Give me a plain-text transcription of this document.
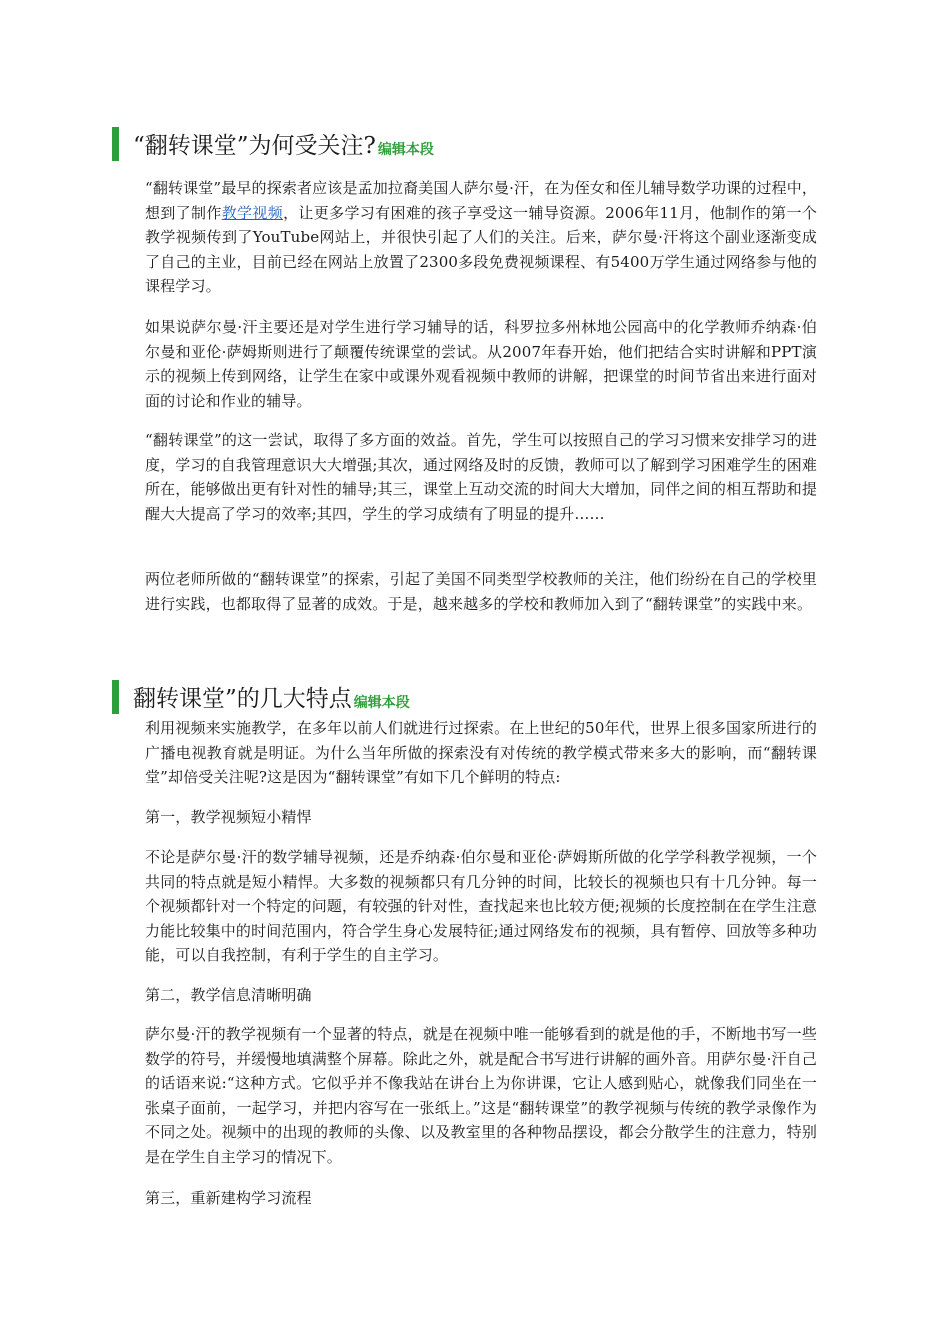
“翻转课堂”为何受关注? 编辑本段

“翻转课堂”最早的探索者应该是孟加拉裔美国人萨尔曼·汗，在为侄女和侄儿辅导数学功课的过程中，想到了制作教学视频，让更多学习有困难的孩子享受这一辅导资源。2006年11月，他制作的第一个教学视频传到了YouTube网站上，并很快引起了人们的关注。后来，萨尔曼·汗将这个副业逐渐变成了自己的主业，目前已经在网站上放置了2300多段免费视频课程、有5400万学生通过网络参与他的课程学习。

如果说萨尔曼·汗主要还是对学生进行学习辅导的话，科罗拉多州林地公园高中的化学教师乔纳森·伯尔曼和亚伦·萨姆斯则进行了颠覆传统课堂的尝试。从2007年春开始，他们把结合实时讲解和PPT演示的视频上传到网络，让学生在家中或课外观看视频中教师的讲解，把课堂的时间节省出来进行面对面的讨论和作业的辅导。

“翻转课堂”的这一尝试，取得了多方面的效益。首先，学生可以按照自己的学习习惯来安排学习的进度，学习的自我管理意识大大增强;其次，通过网络及时的反馈，教师可以了解到学习困难学生的困难所在，能够做出更有针对性的辅导;其三，课堂上互动交流的时间大大增加，同伴之间的相互帮助和提醒大大提高了学习的效率;其四，学生的学习成绩有了明显的提升……

两位老师所做的“翻转课堂”的探索，引起了美国不同类型学校教师的关注，他们纷纷在自己的学校里进行实践，也都取得了显著的成效。于是，越来越多的学校和教师加入到了“翻转课堂”的实践中来。

翻转课堂”的几大特点 编辑本段

利用视频来实施教学，在多年以前人们就进行过探索。在上世纪的50年代，世界上很多国家所进行的广播电视教育就是明证。为什么当年所做的探索没有对传统的教学模式带来多大的影响，而“翻转课堂”却倍受关注呢?这是因为“翻转课堂”有如下几个鲜明的特点:

第一，教学视频短小精悍

不论是萨尔曼·汗的数学辅导视频，还是乔纳森·伯尔曼和亚伦·萨姆斯所做的化学学科教学视频，一个共同的特点就是短小精悍。大多数的视频都只有几分钟的时间，比较长的视频也只有十几分钟。每一个视频都针对一个特定的问题，有较强的针对性，查找起来也比较方便;视频的长度控制在在学生注意力能比较集中的时间范围内，符合学生身心发展特征;通过网络发布的视频，具有暂停、回放等多种功能，可以自我控制，有利于学生的自主学习。

第二，教学信息清晰明确

萨尔曼·汗的教学视频有一个显著的特点，就是在视频中唯一能够看到的就是他的手，不断地书写一些数学的符号，并缓慢地填满整个屏幕。除此之外，就是配合书写进行讲解的画外音。用萨尔曼·汗自己的话语来说:“这种方式。它似乎并不像我站在讲台上为你讲课，它让人感到贴心，就像我们同坐在一张桌子面前，一起学习，并把内容写在一张纸上。”这是“翻转课堂”的教学视频与传统的教学录像作为不同之处。视频中的出现的教师的头像、以及教室里的各种物品摆设，都会分散学生的注意力，特别是在学生自主学习的情况下。

第三，重新建构学习流程
